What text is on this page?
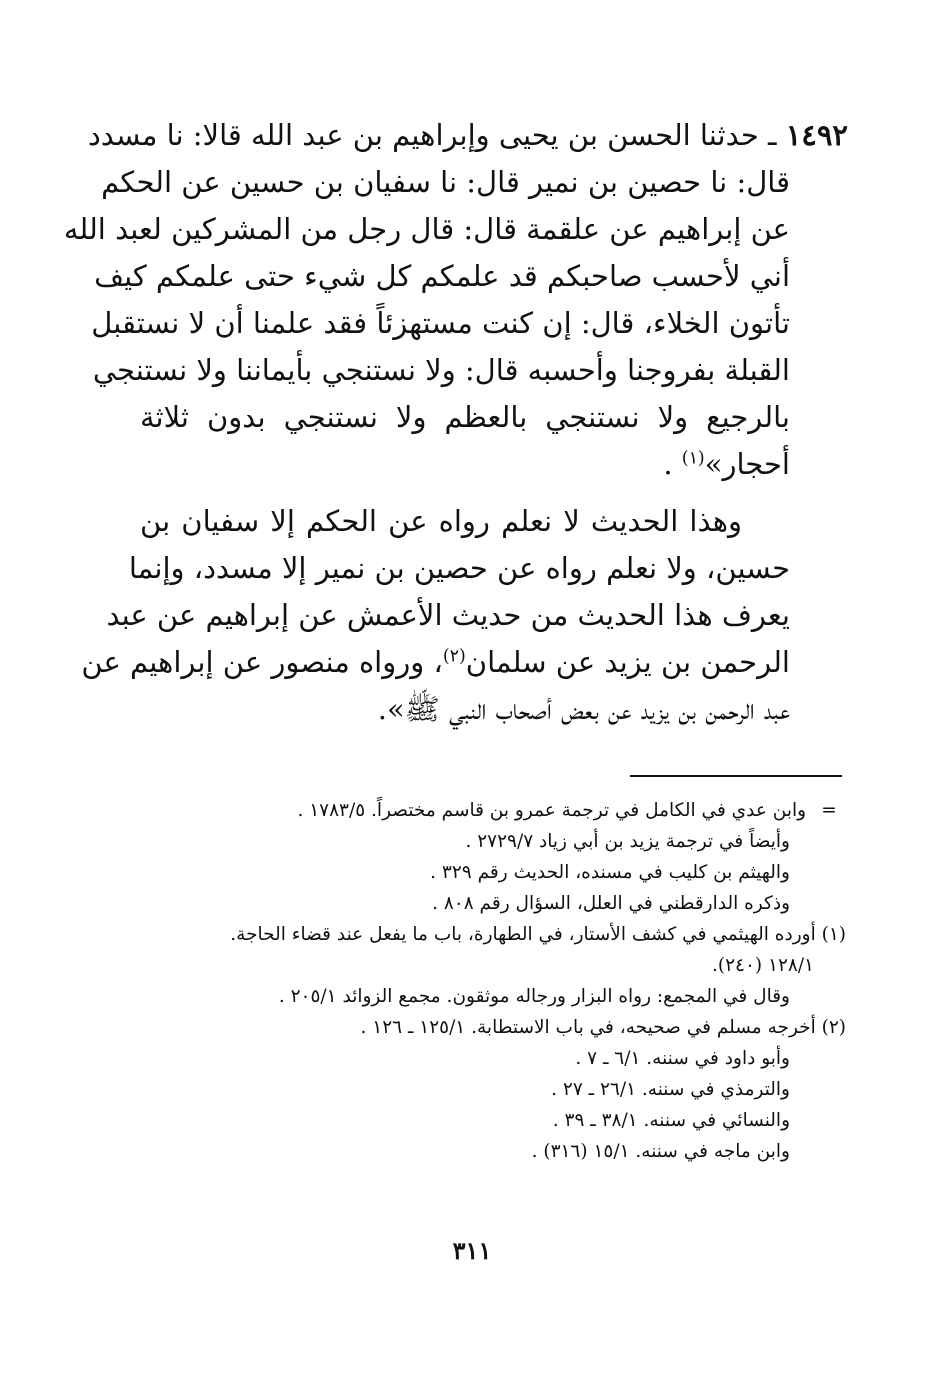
١٤٩٢ ـ حدثنا الحسن بن يحيى وإبراهيم بن عبد الله قالا: نا مسدد
قال: نا حصين بن نمير قال: نا سفيان بن حسين عن الحكم
عن إبراهيم عن علقمة قال: قال رجل من المشركين لعبد الله
أني لأحسب صاحبكم قد علمكم كل شيء حتى علمكم كيف
تأتون الخلاء، قال: إن كنت مستهزئاً فقد علمنا أن لا نستقبل
القبلة بفروجنا وأحسبه قال: ولا نستنجي بأيماننا ولا نستنجي
بالرجيع ولا نستنجي بالعظم ولا نستنجي بدون ثلاثة
أحجار»$^{(١)}$ .
وهذا الحديث لا نعلم رواه عن الحكم إلا سفيان بن
حسين، ولا نعلم رواه عن حصين بن نمير إلا مسدد، وإنما
يعرف هذا الحديث من حديث الأعمش عن إبراهيم عن عبد
الرحمن بن يزيد عن سلمان$^{(٢)}$، ورواه منصور عن إبراهيم عن
عبد الرحمن بن يزيد عن بعض أصحاب النبي ﷺ».
= وابن عدي في الكامل في ترجمة عمرو بن قاسم مختصراً. ١٧٨٣/٥ .
وأيضاً في ترجمة يزيد بن أبي زياد ٢٧٢٩/٧ .
والهيثم بن كليب في مسنده، الحديث رقم ٣٢٩ .
وذكره الدارقطني في العلل، السؤال رقم ٨٠٨ .
(١) أورده الهيثمي في كشف الأستار، في الطهارة، باب ما يفعل عند قضاء الحاجة.
١٢٨/١ (٢٤٠).
وقال في المجمع: رواه البزار ورجاله موثقون. مجمع الزوائد ٢٠٥/١ .
(٢) أخرجه مسلم في صحيحه، في باب الاستطابة. ١٢٥/١ ـ ١٢٦ .
وأبو داود في سننه. ٦/١ ـ ٧ .
والترمذي في سننه. ٢٦/١ ـ ٢٧ .
والنسائي في سننه. ٣٨/١ ـ ٣٩ .
وابن ماجه في سننه. ١٥/١ (٣١٦) .
٣١١
